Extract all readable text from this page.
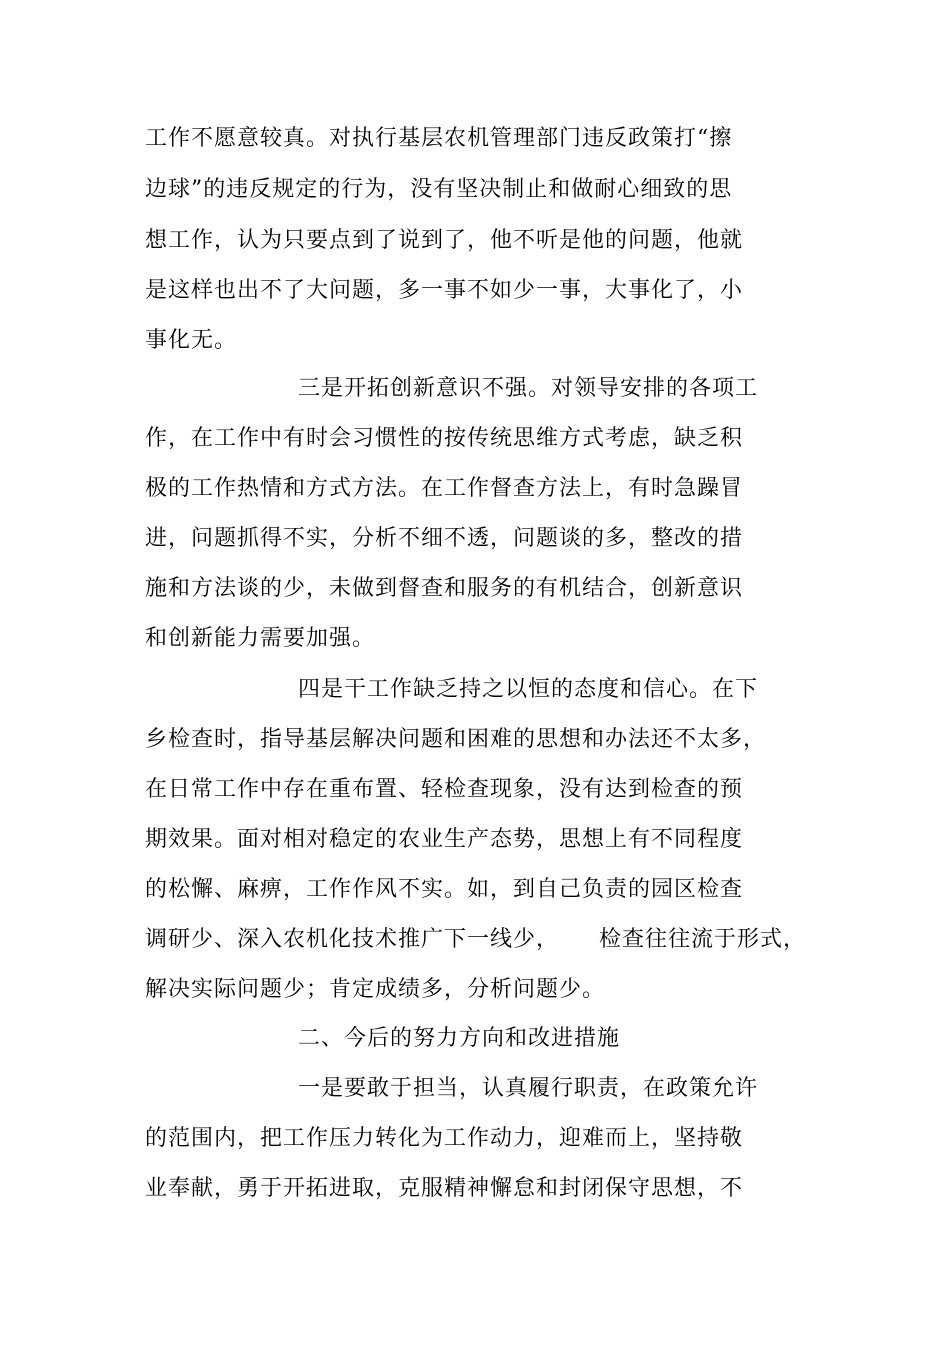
工作不愿意较真。对执行基层农机管理部门违反政策打“擦
边球”的违反规定的行为，没有坚决制止和做耐心细致的思
想工作，认为只要点到了说到了，他不听是他的问题，他就
是这样也出不了大问题，多一事不如少一事，大事化了，小
事化无。
三是开拓创新意识不强。对领导安排的各项工
作，在工作中有时会习惯性的按传统思维方式考虑，缺乏积
极的工作热情和方式方法。在工作督查方法上，有时急躁冒
进，问题抓得不实，分析不细不透，问题谈的多，整改的措
施和方法谈的少，未做到督查和服务的有机结合，创新意识
和创新能力需要加强。
四是干工作缺乏持之以恒的态度和信心。在下
乡检查时，指导基层解决问题和困难的思想和办法还不太多，
在日常工作中存在重布置、轻检查现象，没有达到检查的预
期效果。面对相对稳定的农业生产态势，思想上有不同程度
的松懈、麻痹，工作作风不实。如，到自己负责的园区检查
调研少、深入农机化技术推广下一线少，     检查往往流于形式，
解决实际问题少；肯定成绩多，分析问题少。
二、今后的努力方向和改进措施
一是要敢于担当，认真履行职责，在政策允许
的范围内，把工作压力转化为工作动力，迎难而上，坚持敬
业奉献，勇于开拓进取，克服精神懈怠和封闭保守思想，不
